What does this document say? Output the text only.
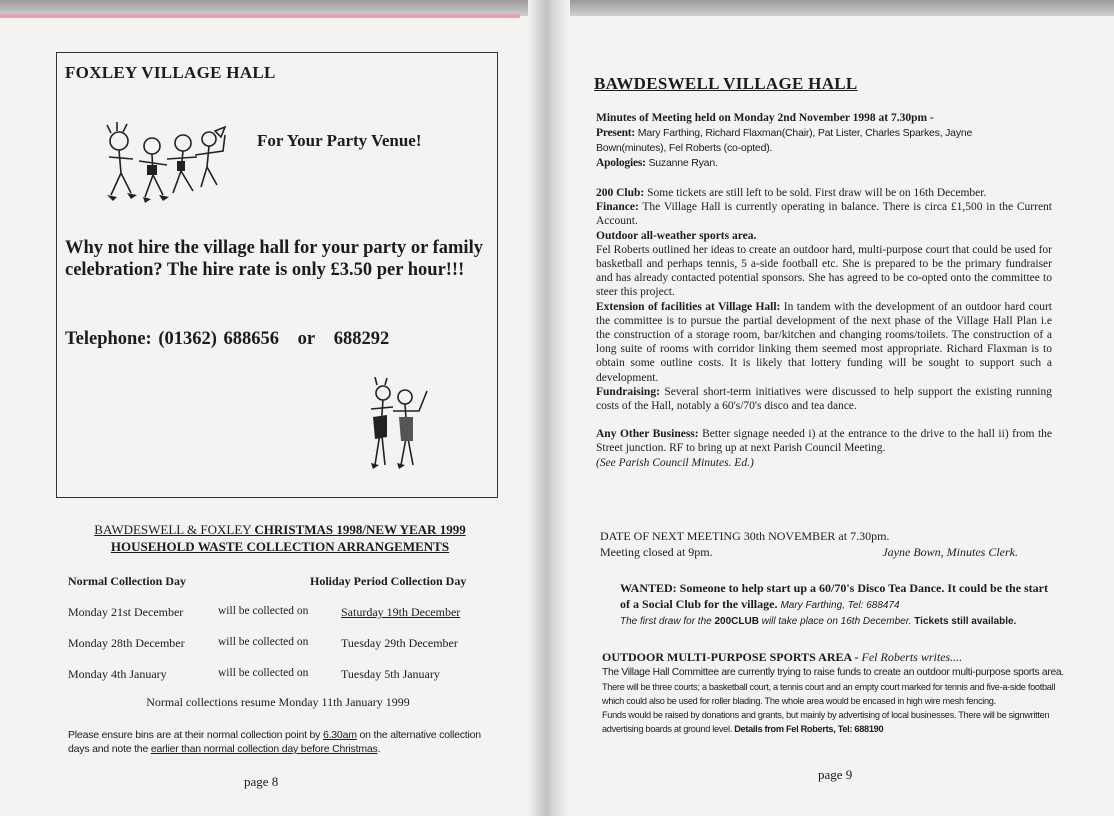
FOXLEY VILLAGE HALL
For Your Party Venue!
Why not hire the village hall for your party or family celebration? The hire rate is only £3.50 per hour!!!
Telephone: (01362) 688656 or 688292
BAWDESWELL & FOXLEY CHRISTMAS 1998/NEW YEAR 1999
HOUSEHOLD WASTE COLLECTION ARRANGEMENTS
Normal Collection Day	Holiday Period Collection Day
Monday 21st December	will be collected on	Saturday 19th December
Monday 28th December	will be collected on	Tuesday 29th December
Monday 4th January	will be collected on	Tuesday 5th January
Normal collections resume Monday 11th January 1999
Please ensure bins are at their normal collection point by 6.30am on the alternative collection days and note the earlier than normal collection day before Christmas.
page 8
BAWDESWELL VILLAGE HALL
Minutes of Meeting held on Monday 2nd November 1998 at 7.30pm -
Present: Mary Farthing, Richard Flaxman(Chair), Pat Lister, Charles Sparkes, Jayne Bown(minutes), Fel Roberts (co-opted).
Apologies: Suzanne Ryan.

200 Club: Some tickets are still left to be sold. First draw will be on 16th December.

Finance: The Village Hall is currently operating in balance. There is circa £1,500 in the Current Account.

Outdoor all-weather sports area.

Fel Roberts outlined her ideas to create an outdoor hard, multi-purpose court that could be used for basketball and perhaps tennis, 5 a-side football etc. She is prepared to be the primary fundraiser and has already contacted potential sponsors. She has agreed to be co-opted onto the committee to steer this project.

Extension of facilities at Village Hall: In tandem with the development of an outdoor hard court the committee is to pursue the partial development of the next phase of the Village Hall Plan i.e the construction of a storage room, bar/kitchen and changing rooms/toilets. The construction of a long suite of rooms with corridor linking them seemed most appropriate. Richard Flaxman is to obtain some outline costs. It is likely that lottery funding will be sought to support such a development.

Fundraising: Several short-term initiatives were discussed to help support the existing running costs of the Hall, notably a 60's/70's disco and tea dance.

Any Other Business: Better signage needed i) at the entrance to the drive to the hall ii) from the Street junction. RF to bring up at next Parish Council Meeting.

(See Parish Council Minutes. Ed.)

DATE OF NEXT MEETING 30th NOVEMBER at 7.30pm.
Meeting closed at 9pm.	Jayne Bown, Minutes Clerk.
WANTED: Someone to help start up a 60/70's Disco Tea Dance. It could be the start of a Social Club for the village. Mary Farthing, Tel: 688474
The first draw for the 200CLUB will take place on 16th December. Tickets still available.
OUTDOOR MULTI-PURPOSE SPORTS AREA - Fel Roberts writes....
The Village Hall Committee are currently trying to raise funds to create an outdoor multi-purpose sports area.
There will be three courts; a basketball court, a tennis court and an empty court marked for tennis and five-a-side football which could also be used for roller blading. The whole area would be encased in high wire mesh fencing.
Funds would be raised by donations and grants, but mainly by advertising of local businesses. There will be signwritten advertising boards at ground level. Details from Fel Roberts, Tel: 688190
page 9
